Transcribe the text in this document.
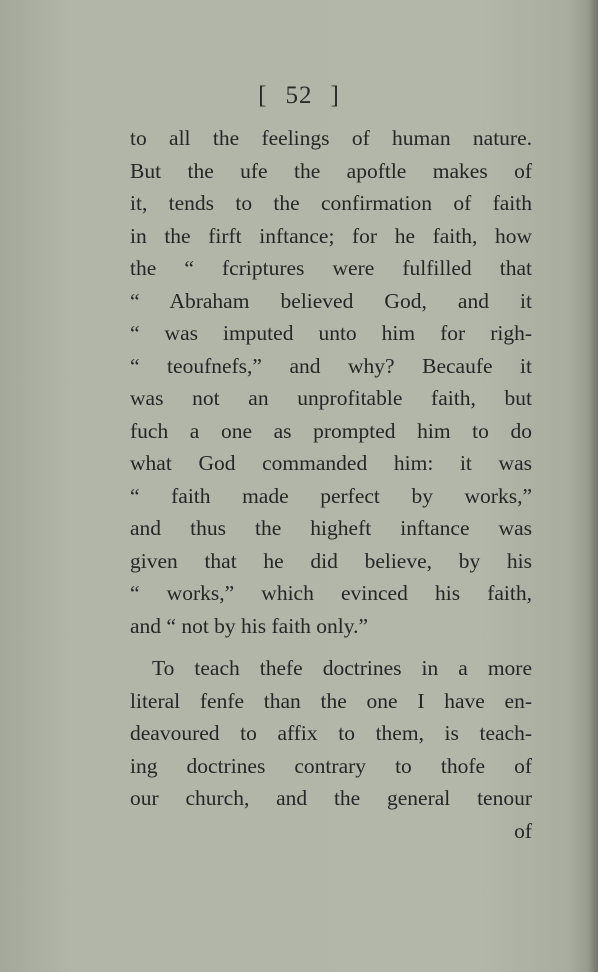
[ 52 ]
to all the feelings of human nature.
But the ufe the apoftle makes of
it, tends to the confirmation of faith
in the firft inftance; for he faith, how
the “ fcriptures were fulfilled that
“ Abraham believed God, and it
“ was imputed unto him for righ-
“ teoufnefs,” and why? Becaufe it
was not an unprofitable faith, but
fuch a one as prompted him to do
what God commanded him: it was
“ faith made perfect by works,”
and thus the higheft inftance was
given that he did believe, by his
“ works,” which evinced his faith,
and “ not by his faith only.”
To teach thefe doctrines in a more
literal fenfe than the one I have en-
deavoured to affix to them, is teach-
ing doctrines contrary to thofe of
our church, and the general tenour
of
